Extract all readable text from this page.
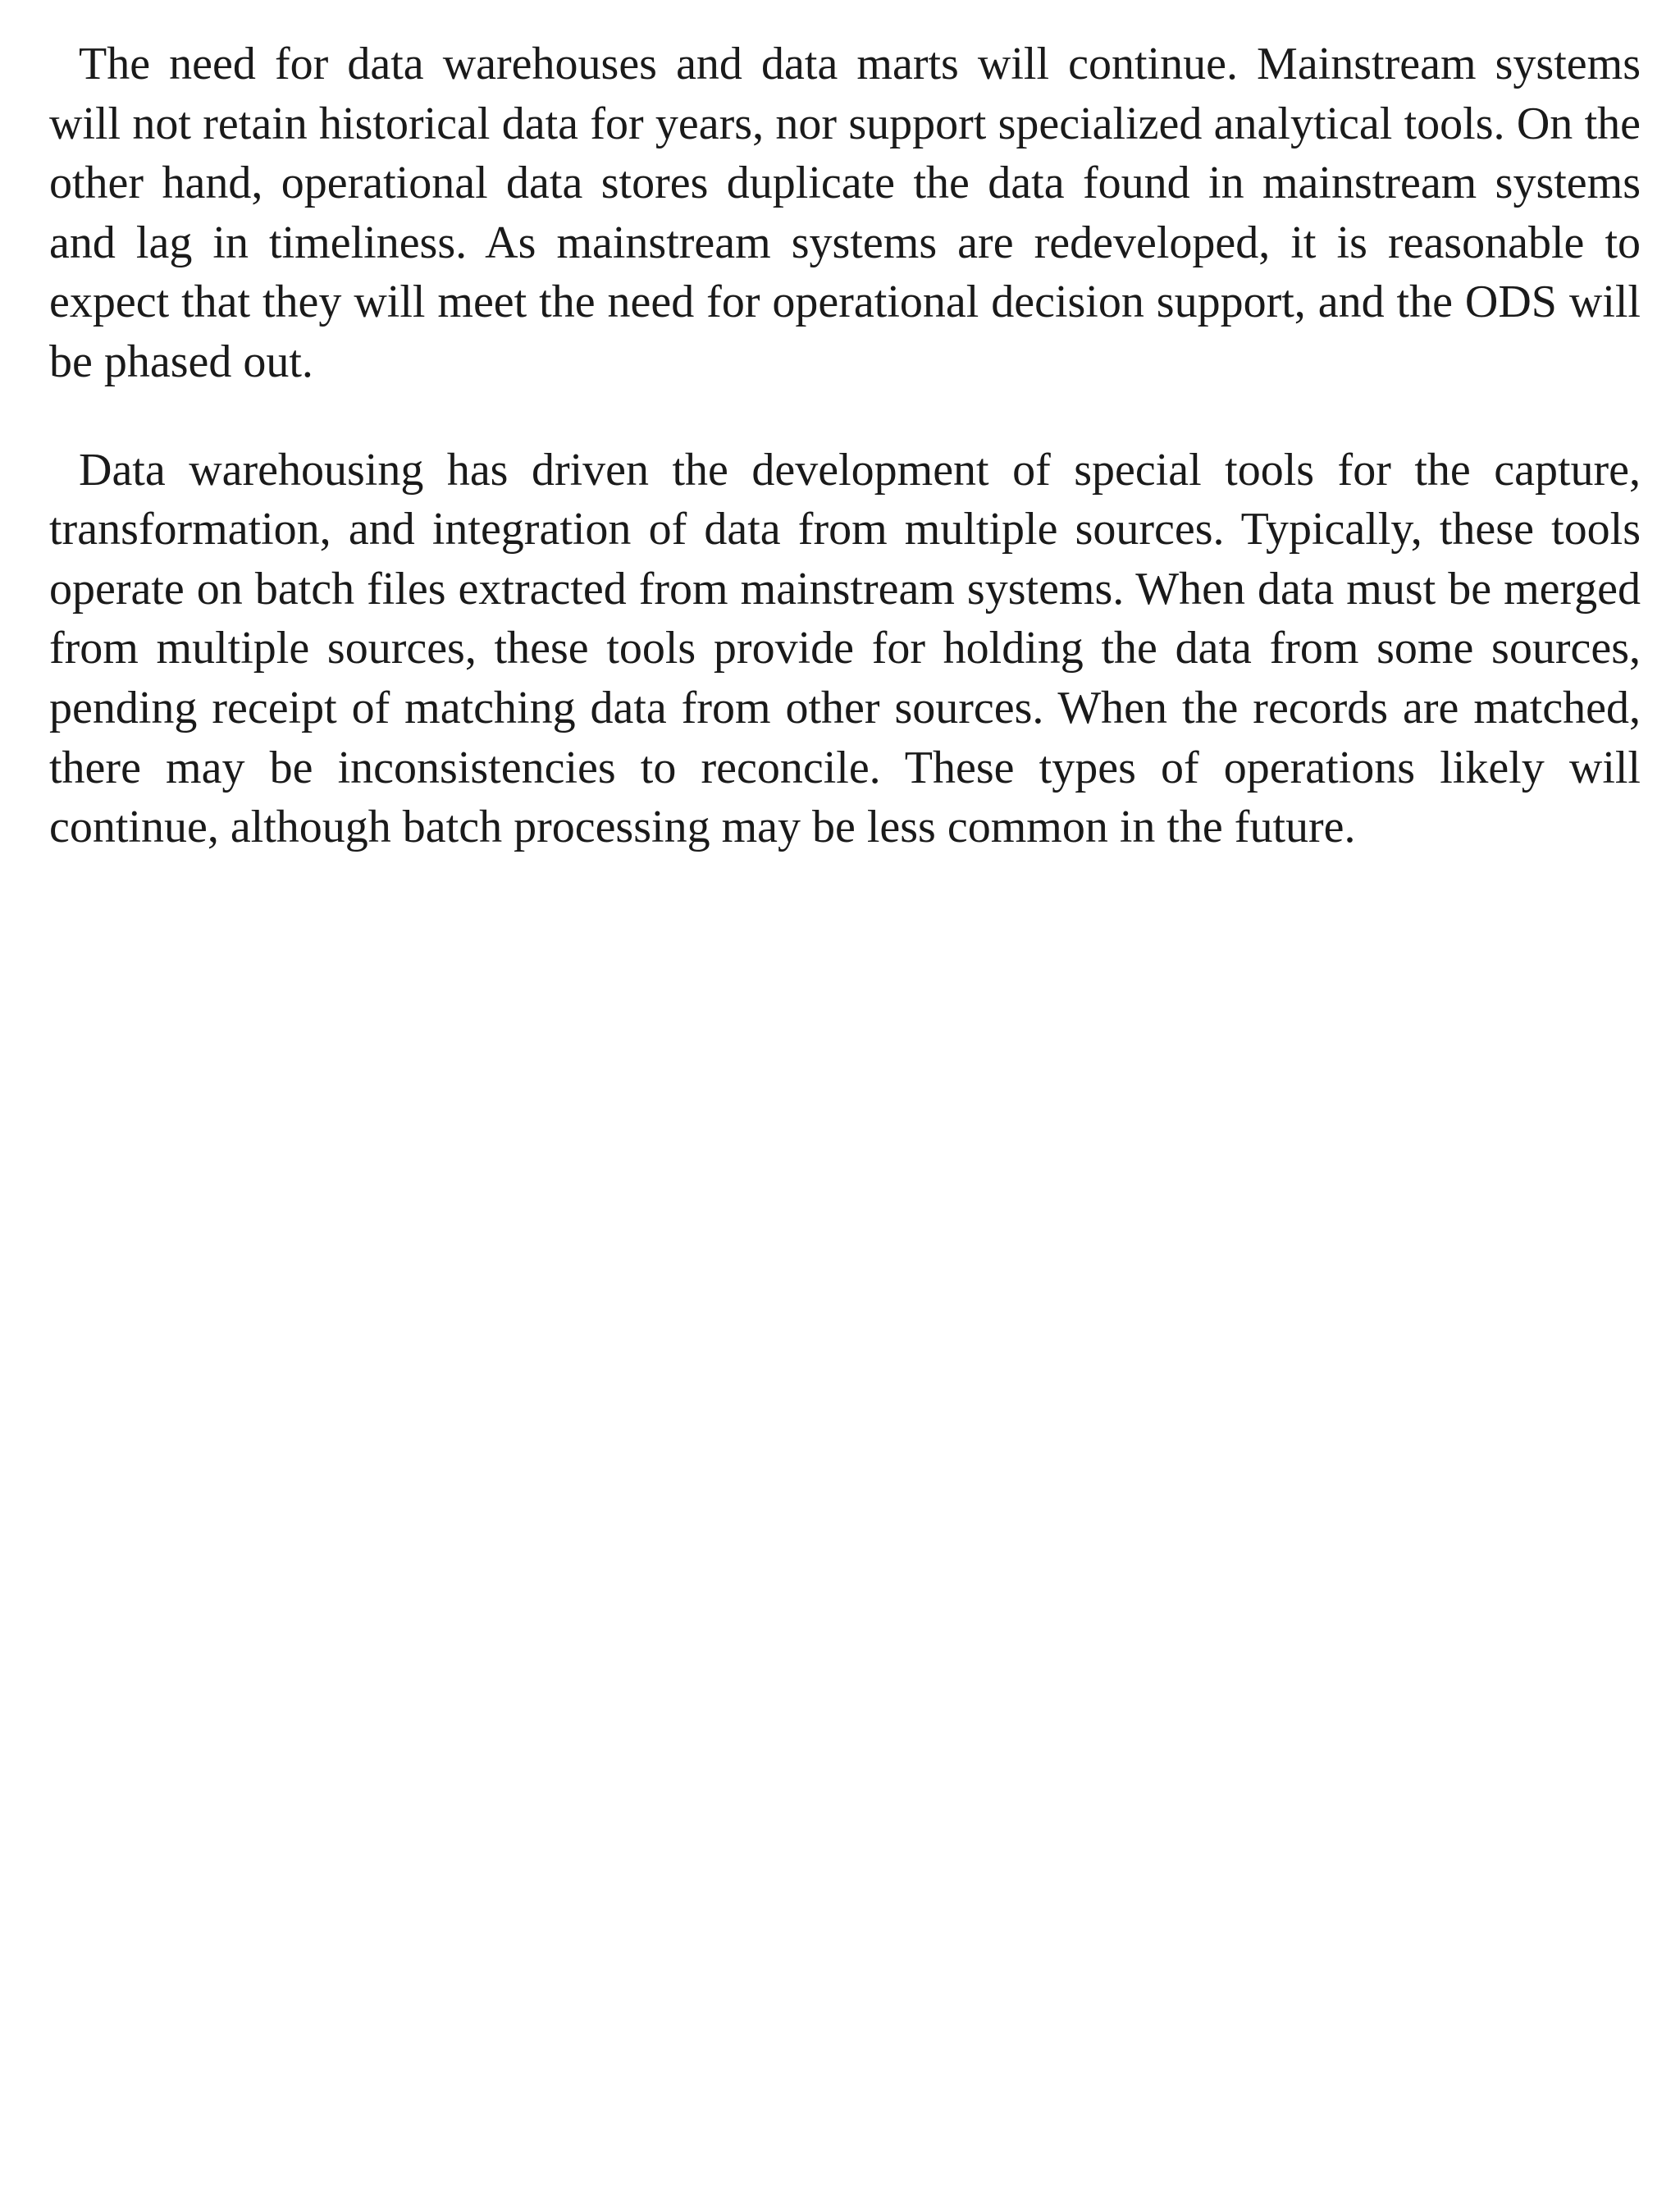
The need for data warehouses and data marts will continue. Mainstream systems will not retain historical data for years, nor support specialized analytical tools. On the other hand, operational data stores duplicate the data found in mainstream systems and lag in timeliness. As mainstream systems are redeveloped, it is reasonable to expect that they will meet the need for operational decision support, and the ODS will be phased out.

Data warehousing has driven the development of special tools for the capture, transformation, and integration of data from multiple sources. Typically, these tools operate on batch files extracted from mainstream systems. When data must be merged from multiple sources, these tools provide for holding the data from some sources, pending receipt of matching data from other sources. When the records are matched, there may be inconsistencies to reconcile. These types of operations likely will continue, although batch processing may be less common in the future.
